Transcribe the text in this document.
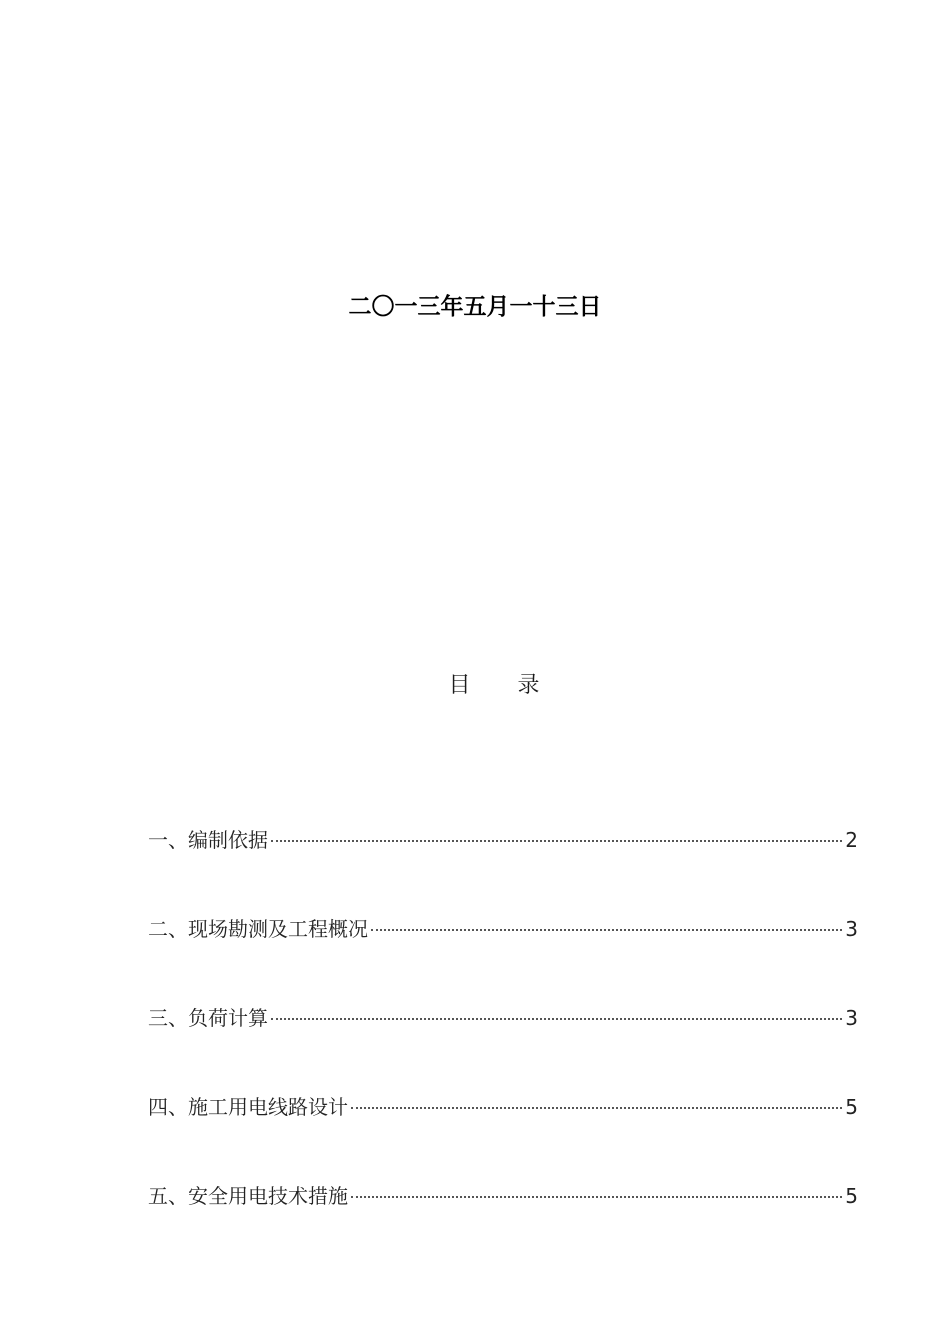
二〇一三年五月一十三日
目 录
一、编制依据	2
二、现场勘测及工程概况	3
三、负荷计算	3
四、施工用电线路设计	5
五、安全用电技术措施	5
